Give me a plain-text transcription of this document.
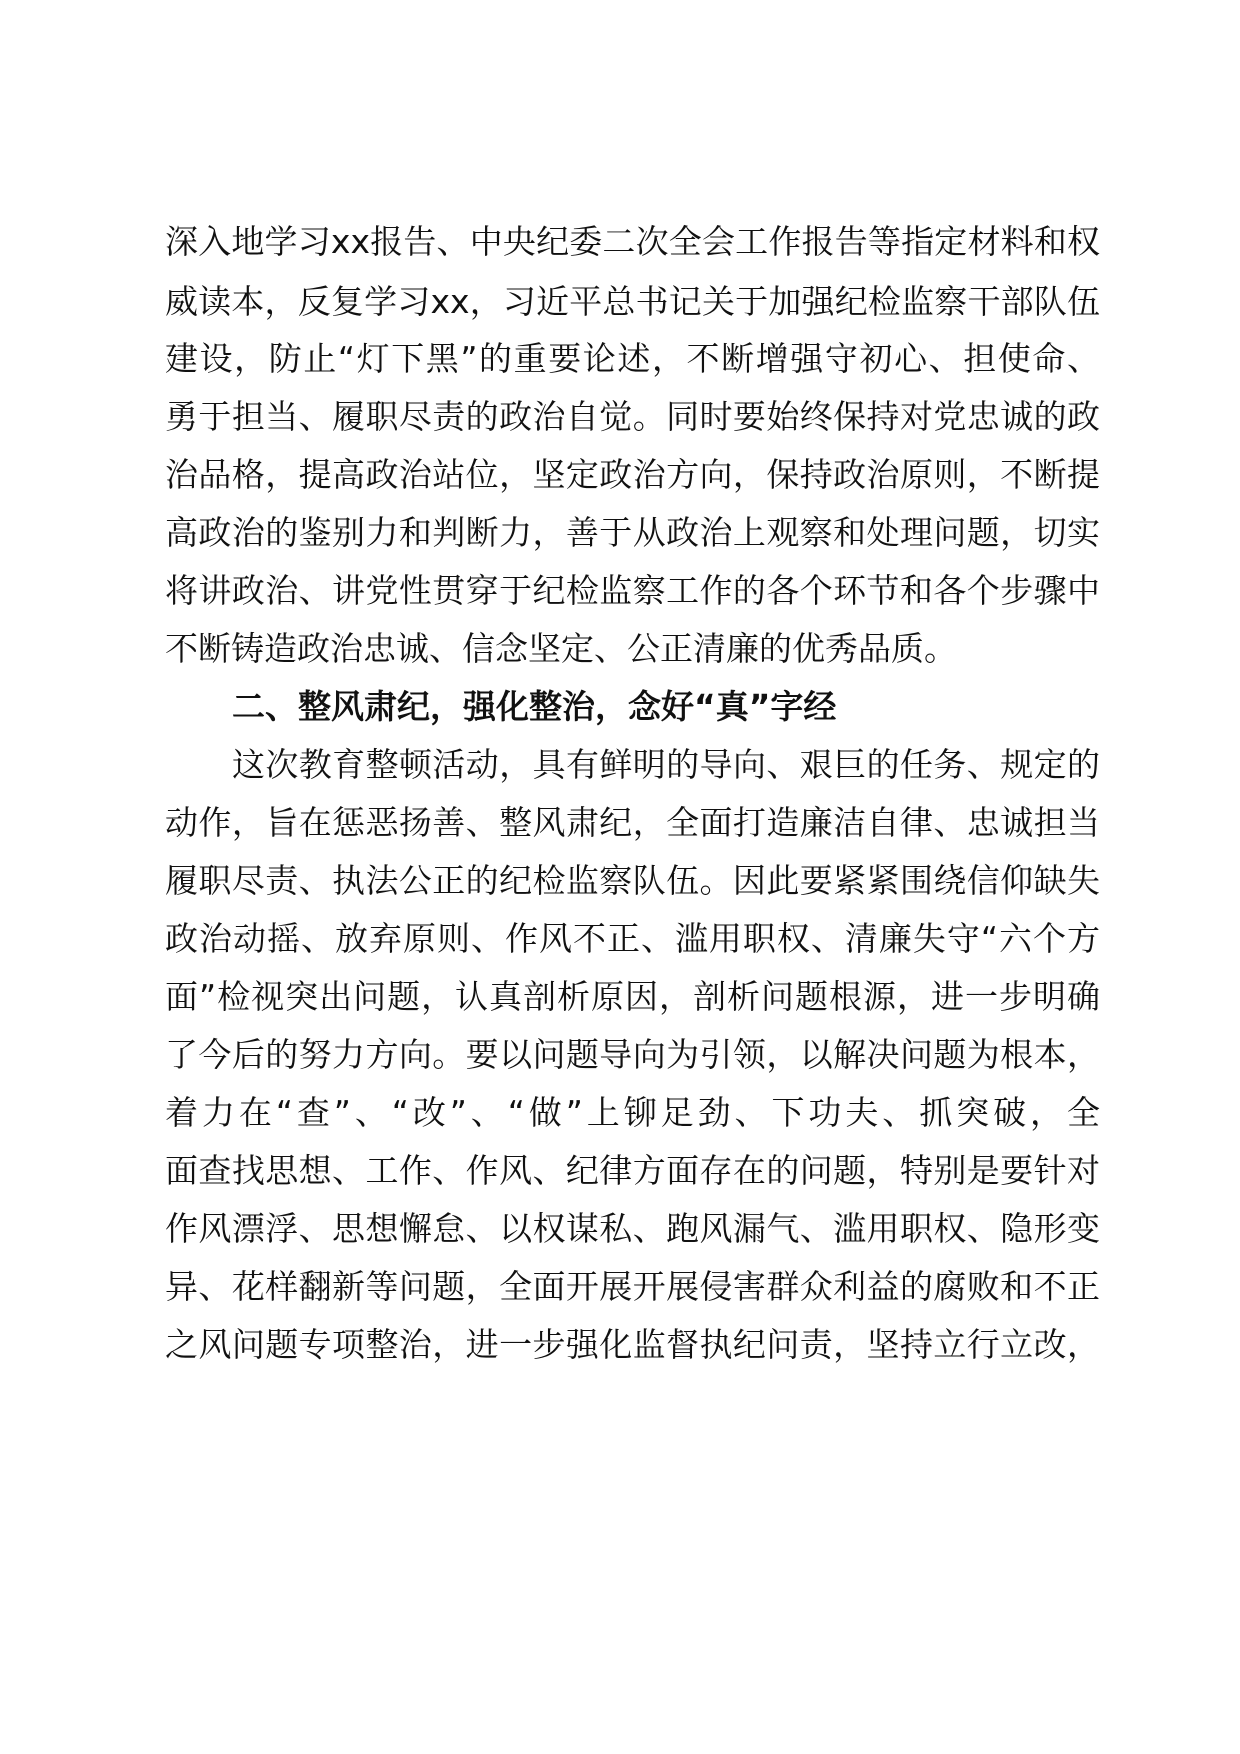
深入地学习xx报告、中央纪委二次全会工作报告等指定材料和权
威读本，反复学习xx，习近平总书记关于加强纪检监察干部队伍
建设，防止“灯下黑”的重要论述，不断增强守初心、担使命、
勇于担当、履职尽责的政治自觉。同时要始终保持对党忠诚的政
治品格，提高政治站位，坚定政治方向，保持政治原则，不断提
高政治的鉴别力和判断力，善于从政治上观察和处理问题，切实
将讲政治、讲党性贯穿于纪检监察工作的各个环节和各个步骤中
不断铸造政治忠诚、信念坚定、公正清廉的优秀品质。
二、整风肃纪，强化整治，念好“真”字经
这次教育整顿活动，具有鲜明的导向、艰巨的任务、规定的
动作，旨在惩恶扬善、整风肃纪，全面打造廉洁自律、忠诚担当
履职尽责、执法公正的纪检监察队伍。因此要紧紧围绕信仰缺失
政治动摇、放弃原则、作风不正、滥用职权、清廉失守“六个方
面”检视突出问题，认真剖析原因，剖析问题根源，进一步明确
了今后的努力方向。要以问题导向为引领，以解决问题为根本，
着力在“查”、“改”、“做”上铆足劲、下功夫、抓突破，全
面查找思想、工作、作风、纪律方面存在的问题，特别是要针对
作风漂浮、思想懈怠、以权谋私、跑风漏气、滥用职权、隐形变
异、花样翻新等问题，全面开展开展侵害群众利益的腐败和不正
之风问题专项整治，进一步强化监督执纪问责，坚持立行立改，
